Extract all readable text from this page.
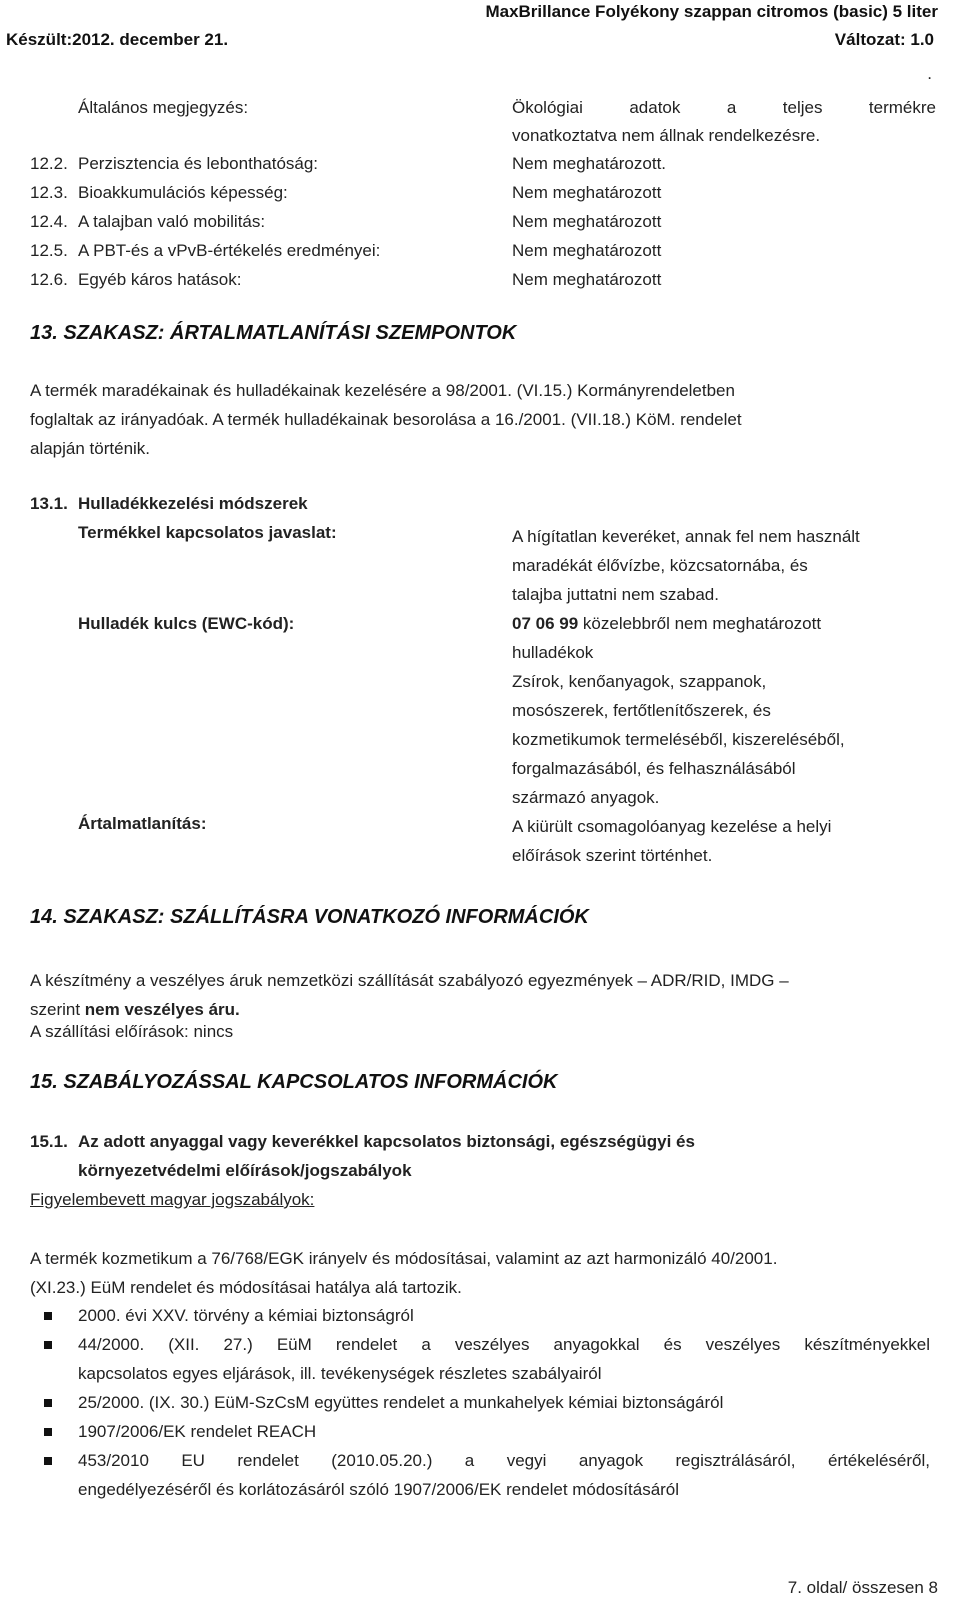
MaxBrillance Folyékony szappan citromos (basic) 5 liter
Készült:2012. december 21.	Változat: 1.0
.
Általános megjegyzés:	Ökológiai adatok a teljes termékre
vonatkoztatva nem állnak rendelkezésre.
12.2. Perzisztencia és lebonthatóság:	Nem meghatározott.
12.3. Bioakkumulációs képesség:	Nem meghatározott
12.4. A talajban való mobilitás:	Nem meghatározott
12.5. A PBT-és a vPvB-értékelés eredményei:	Nem meghatározott
12.6. Egyéb káros hatások:	Nem meghatározott
13. SZAKASZ: ÁRTALMATLANÍTÁSI SZEMPONTOK
A termék maradékainak és hulladékainak kezelésére a 98/2001. (VI.15.) Kormányrendeletben
foglaltak az irányadóak. A termék hulladékainak besorolása a 16./2001. (VII.18.) KöM. rendelet
alapján történik.
13.1. Hulladékkezelési módszerek
Termékkel kapcsolatos javaslat:	A hígítatlan keveréket, annak fel nem használt
maradékát élővízbe, közcsatornába, és
talajba juttatni nem szabad.
Hulladék kulcs (EWC-kód):	07 06 99 közelebbről nem meghatározott
hulladékok
Zsírok, kenőanyagok, szappanok,
mosószerek, fertőtlenítőszerek, és
kozmetikumok termeléséből, kiszereléséből,
forgalmazásából, és felhasználásából
származó anyagok.
Ártalmatlanítás:	A kiürült csomagolóanyag kezelése a helyi
előírások szerint történhet.
14. SZAKASZ: SZÁLLÍTÁSRA VONATKOZÓ INFORMÁCIÓK
A készítmény a veszélyes áruk nemzetközi szállítását szabályozó egyezmények – ADR/RID, IMDG –
szerint nem veszélyes áru.
A szállítási előírások: nincs
15. SZABÁLYOZÁSSAL KAPCSOLATOS INFORMÁCIÓK
15.1. Az adott anyaggal vagy keverékkel kapcsolatos biztonsági, egészségügyi és
környezetvédelmi előírások/jogszabályok
Figyelembevett magyar jogszabályok:
A termék kozmetikum a 76/768/EGK irányelv és módosításai, valamint az azt harmonizáló 40/2001.
(XI.23.) EüM rendelet és módosításai hatálya alá tartozik.
2000. évi XXV. törvény a kémiai biztonságról
44/2000. (XII. 27.) EüM rendelet a veszélyes anyagokkal és veszélyes készítményekkel
kapcsolatos egyes eljárások, ill. tevékenységek részletes szabályairól
25/2000. (IX. 30.) EüM-SzCsM együttes rendelet a munkahelyek kémiai biztonságáról
1907/2006/EK rendelet REACH
453/2010 EU rendelet (2010.05.20.) a vegyi anyagok regisztrálásáról, értékeléséről,
engedélyezéséről és korlátozásáról szóló 1907/2006/EK rendelet módosításáról
7. oldal/ összesen 8
